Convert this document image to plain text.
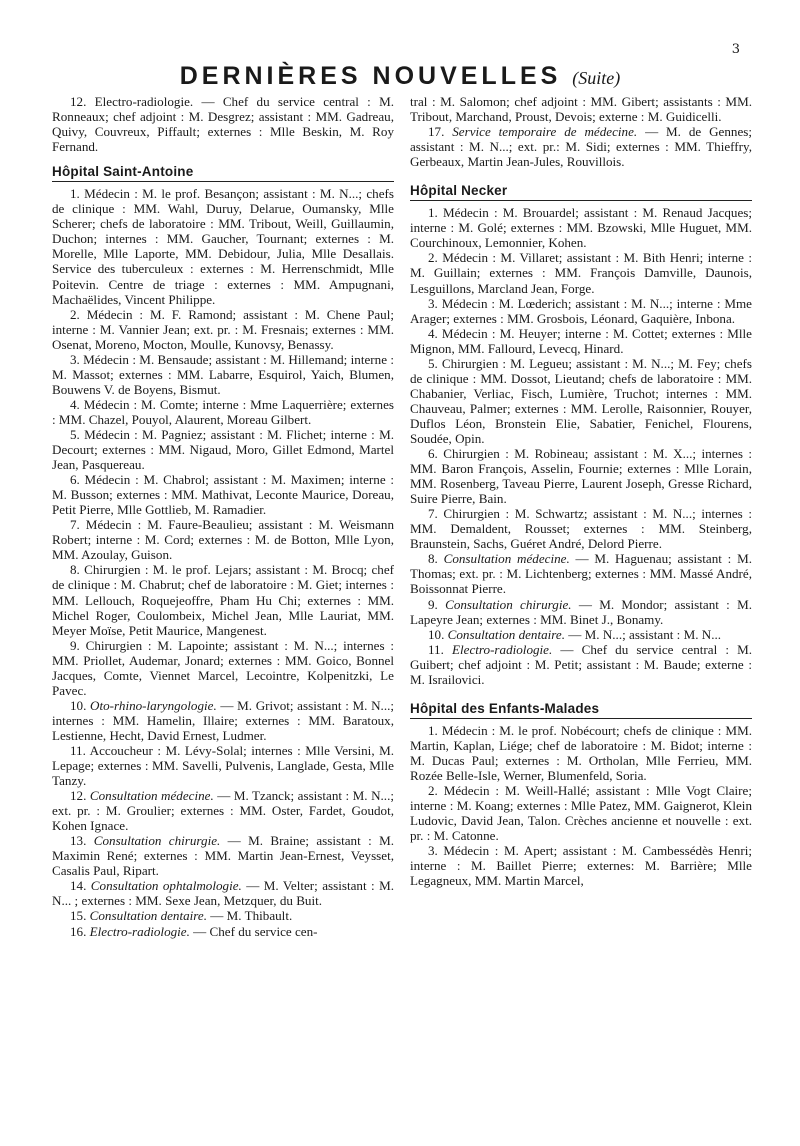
3
DERNIÈRES NOUVELLES (Suite)

12. Electro-radiologie. — Chef du service central : M. Ronneaux; chef adjoint : M. Desgrez; assistant : MM. Gadreau, Quivy, Couvreux, Piffault; externes : Mlle Beskin, M. Roy Fernand.

Hôpital Saint-Antoine

1. Médecin : M. le prof. Besançon; assistant : M. N...; chefs de clinique : MM. Wahl, Duruy, Delarue, Oumansky, Mlle Scherer; chefs de laboratoire : MM. Tribout, Weill, Guillaumin, Duchon; internes : MM. Gaucher, Tournant; externes : M. Morelle, Mlle Laporte, MM. Debidour, Julia, Mlle Desallais. Service des tuberculeux : externes : M. Herrenschmidt, Mlle Poitevin. Centre de triage : externes : MM. Ampugnani, Machaëlides, Vincent Philippe.

2. Médecin : M. F. Ramond; assistant : M. Chene Paul; interne : M. Vannier Jean; ext. pr. : M. Fresnais; externes : MM. Osenat, Moreno, Mocton, Moulle, Kunovsy, Benassy.

3. Médecin : M. Bensaude; assistant : M. Hillemand; interne : M. Massot; externes : MM. Labarre, Esquirol, Yaich, Blumen, Bouwens V. de Boyens, Bismut.

4. Médecin : M. Comte; interne : Mme Laquerrière; externes : MM. Chazel, Pouyol, Alaurent, Moreau Gilbert.

5. Médecin : M. Pagniez; assistant : M. Flichet; interne : M. Decourt; externes : MM. Nigaud, Moro, Gillet Edmond, Martel Jean, Pasquereau.

6. Médecin : M. Chabrol; assistant : M. Maximen; interne : M. Busson; externes : MM. Mathivat, Leconte Maurice, Doreau, Petit Pierre, Mlle Gottlieb, M. Ramadier.

7. Médecin : M. Faure-Beaulieu; assistant : M. Weismann Robert; interne : M. Cord; externes : M. de Botton, Mlle Lyon, MM. Azoulay, Guison.

8. Chirurgien : M. le prof. Lejars; assistant : M. Brocq; chef de clinique : M. Chabrut; chef de laboratoire : M. Giet; internes : MM. Lellouch, Roquejeoffre, Pham Hu Chi; externes : MM. Michel Roger, Coulombeix, Michel Jean, Mlle Lauriat, MM. Meyer Moïse, Petit Maurice, Mangenest.

9. Chirurgien : M. Lapointe; assistant : M. N...; internes : MM. Priollet, Audemar, Jonard; externes : MM. Goico, Bonnel Jacques, Comte, Viennet Marcel, Lecointre, Kolpenitzki, Le Pavec.

10. Oto-rhino-laryngologie. — M. Grivot; assistant : M. N...; internes : MM. Hamelin, Illaire; externes : MM. Baratoux, Lestienne, Hecht, David Ernest, Ludmer.

11. Accoucheur : M. Lévy-Solal; internes : Mlle Versini, M. Lepage; externes : MM. Savelli, Pulvenis, Langlade, Gesta, Mlle Tanzy.

12. Consultation médecine. — M. Tzanck; assistant : M. N...; ext. pr. : M. Groulier; externes : MM. Oster, Fardet, Goudot, Kohen Ignace.

13. Consultation chirurgie. — M. Braine; assistant : M. Maximin René; externes : MM. Martin Jean-Ernest, Veysset, Casalis Paul, Ripart.

14. Consultation ophtalmologie. — M. Velter; assistant : M. N... ; externes : MM. Sexe Jean, Metzquer, du Buit.

15. Consultation dentaire. — M. Thibault.

16. Electro-radiologie. — Chef du service cen-

tral : M. Salomon; chef adjoint : MM. Gibert; assistants : MM. Tribout, Marchand, Proust, Devois; externe : M. Guidicelli.

17. Service temporaire de médecine. — M. de Gennes; assistant : M. N...; ext. pr.: M. Sidi; externes : MM. Thieffry, Gerbeaux, Martin Jean-Jules, Rouvillois.

Hôpital Necker

1. Médecin : M. Brouardel; assistant : M. Renaud Jacques; interne : M. Golé; externes : MM. Bzowski, Mlle Huguet, MM. Courchinoux, Lemonnier, Kohen.

2. Médecin : M. Villaret; assistant : M. Bith Henri; interne : M. Guillain; externes : MM. François Damville, Daunois, Lesguillons, Marcland Jean, Forge.

3. Médecin : M. Lœderich; assistant : M. N...; interne : Mme Arager; externes : MM. Grosbois, Léonard, Gaquière, Inbona.

4. Médecin : M. Heuyer; interne : M. Cottet; externes : Mlle Mignon, MM. Fallourd, Levecq, Hinard.

5. Chirurgien : M. Legueu; assistant : M. N...; M. Fey; chefs de clinique : MM. Dossot, Lieutand; chefs de laboratoire : MM. Chabanier, Verliac, Fisch, Lumière, Truchot; internes : MM. Chauveau, Palmer; externes : MM. Lerolle, Raisonnier, Rouyer, Duflos Léon, Bronstein Elie, Sabatier, Fenichel, Flourens, Soudée, Opin.

6. Chirurgien : M. Robineau; assistant : M. X...; internes : MM. Baron François, Asselin, Fournie; externes : Mlle Lorain, MM. Rosenberg, Taveau Pierre, Laurent Joseph, Gresse Richard, Suire Pierre, Bain.

7. Chirurgien : M. Schwartz; assistant : M. N...; internes : MM. Demaldent, Rousset; externes : MM. Steinberg, Braunstein, Sachs, Guéret André, Delord Pierre.

8. Consultation médecine. — M. Haguenau; assistant : M. Thomas; ext. pr. : M. Lichtenberg; externes : MM. Massé André, Boissonnat Pierre.

9. Consultation chirurgie. — M. Mondor; assistant : M. Lapeyre Jean; externes : MM. Binet J., Bonamy.

10. Consultation dentaire. — M. N...; assistant : M. N...

11. Electro-radiologie. — Chef du service central : M. Guibert; chef adjoint : M. Petit; assistant : M. Baude; externe : M. Israilovici.

Hôpital des Enfants-Malades

1. Médecin : M. le prof. Nobécourt; chefs de clinique : MM. Martin, Kaplan, Liége; chef de laboratoire : M. Bidot; interne : M. Ducas Paul; externes : M. Ortholan, Mlle Ferrieu, MM. Rozée Belle-Isle, Werner, Blumenfeld, Soria.

2. Médecin : M. Weill-Hallé; assistant : Mlle Vogt Claire; interne : M. Koang; externes : Mlle Patez, MM. Gaignerot, Klein Ludovic, David Jean, Talon. Crèches ancienne et nouvelle : ext. pr. : M. Catonne.

3. Médecin : M. Apert; assistant : M. Cambessédès Henri; interne : M. Baillet Pierre; externes: M. Barrière; Mlle Legagneux, MM. Martin Marcel,
